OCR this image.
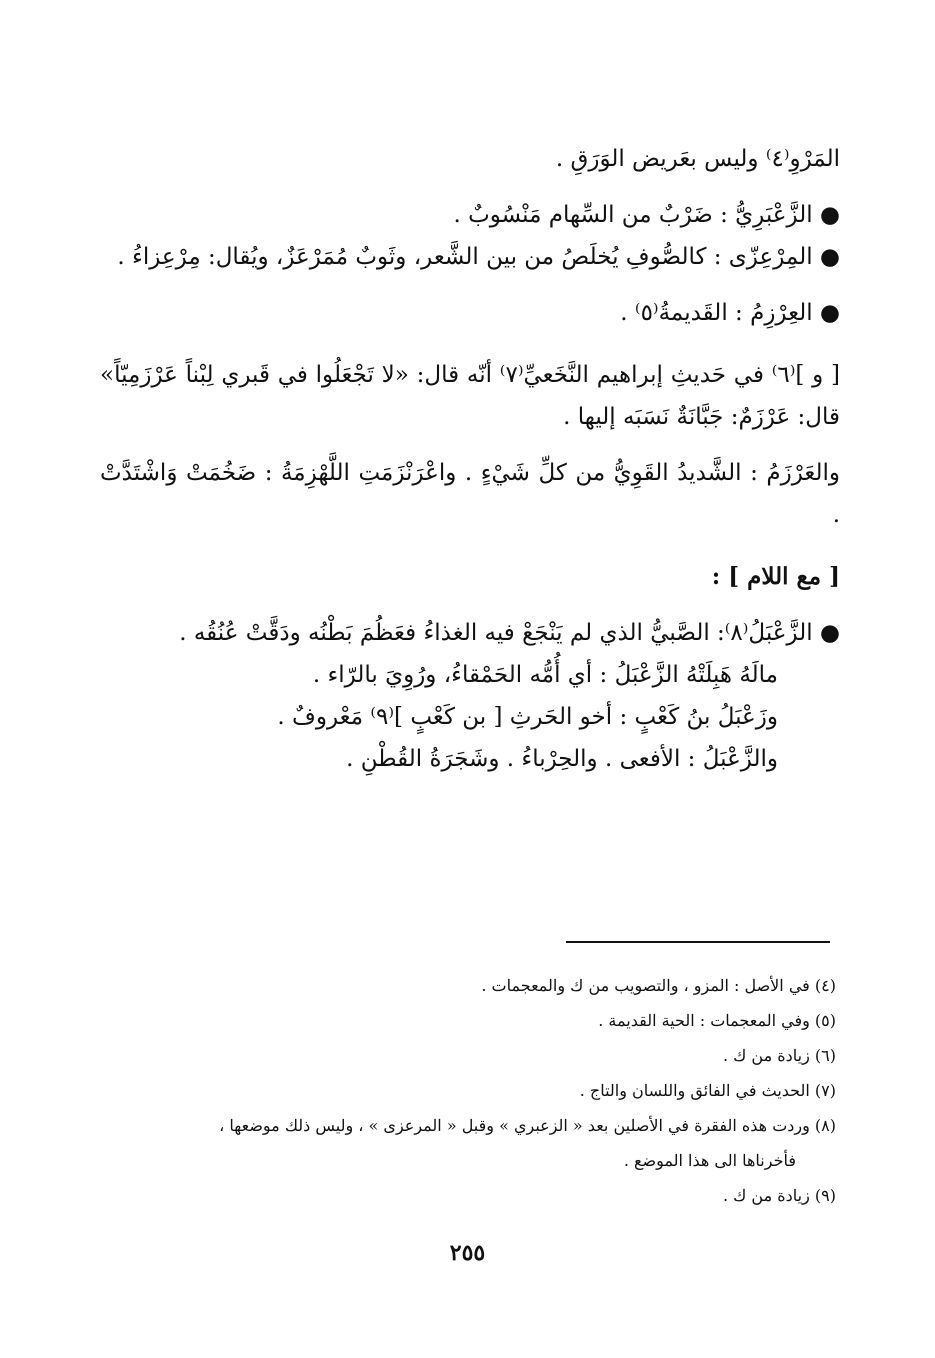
المَرْوِ⁽٤⁾ وليس بعَريض الوَرَقِ .

● الزَّعْبَرِيُّ : ضَرْبٌ من السِّهام مَنْسُوبٌ .

● المِرْعِزّى : كالصُّوفِ يُخلَصُ من بين الشَّعر، وثَوبٌ مُمَرْعَزٌ، ويُقال: مِرْعِزاءُ .

● العِرْزِمُ : القَديمةُ⁽٥⁾ .

[ و ]⁽٦⁾ في حَديثِ إبراهيم النَّخَعيِّ⁽٧⁾ أنّه قال: «لا تَجْعَلُوا في قَبري لِبْناً عَرْزَمِيّاً» قال: عَرْزَمٌ: جَبَّانَةٌ نَسَبَه إليها .

والعَرْزَمُ : الشَّديدُ القَوِيُّ من كلِّ شَيْءٍ . واعْرَنْزَمَتِ اللَّهْزِمَةُ : ضَخُمَتْ وَاشْتَدَّتْ .

[ مع اللام ] :

● الزَّعْبَلُ⁽٨⁾: الصَّبيُّ الذي لم يَنْجَعْ فيه الغذاءُ فعَظُمَ بَطْنُه ودَقَّتْ عُنُقُه .

مالَهُ هَبِلَتْهُ الزَّعْبَلُ : أي أُمُّه الحَمْقاءُ، ورُوِيَ بالرّاء .

وزَعْبَلُ بنُ كَعْبٍ : أخو الحَرثِ [ بن كَعْبٍ ]⁽٩⁾ مَعْروفٌ .

والزَّعْبَلُ : الأفعى . والحِرْباءُ . وشَجَرَةُ القُطْنِ .

(٤) في الأصل : المزو ، والتصويب من ك والمعجمات .

(٥) وفي المعجمات : الحية القديمة .

(٦) زيادة من ك .

(٧) الحديث في الفائق واللسان والتاج .

(٨) وردت هذه الفقرة في الأصلين بعد « الزعبري » وقبل « المرعزى » ، وليس ذلك موضعها ،

فأخرناها الى هذا الموضع .

(٩) زيادة من ك .

٢٥٥
